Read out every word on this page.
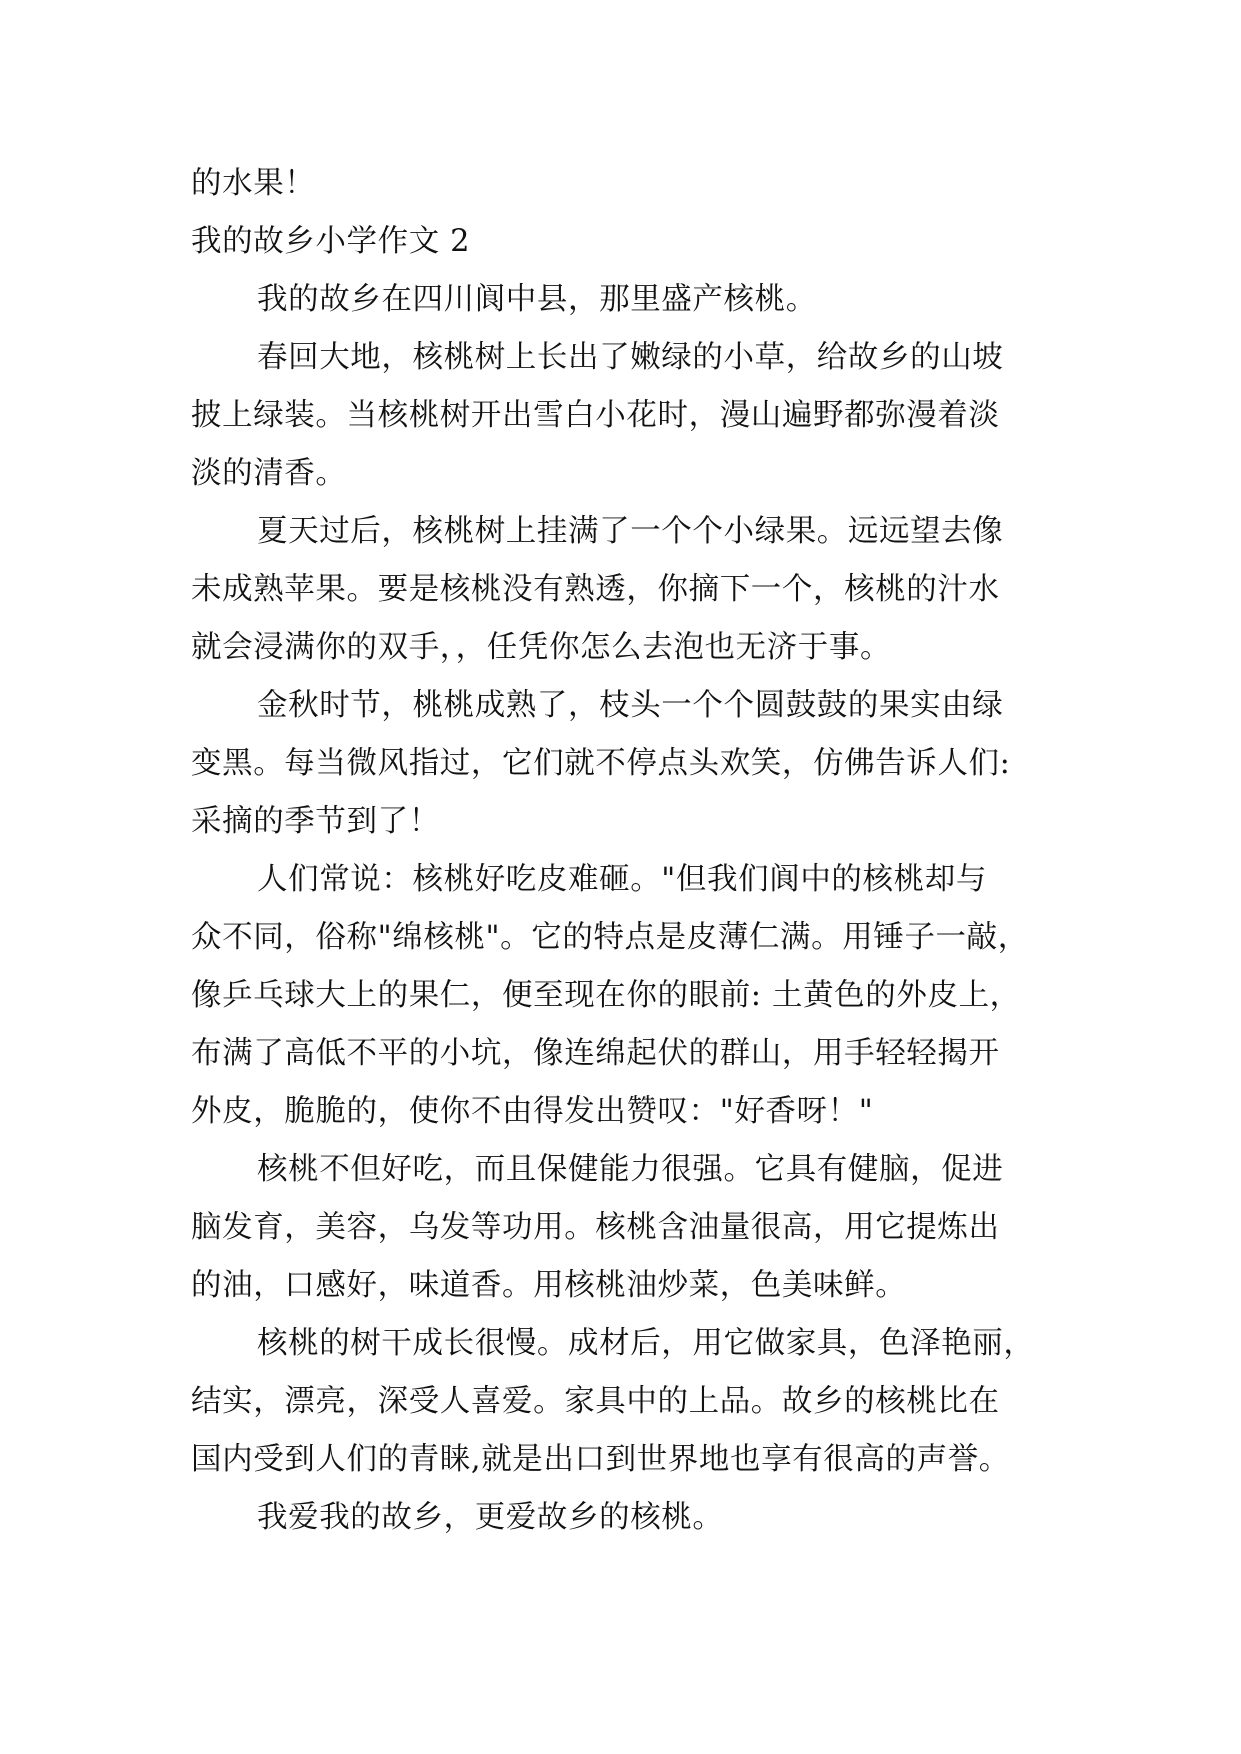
的水果！
我的故乡小学作文 2
我的故乡在四川阆中县，那里盛产核桃。
春回大地，核桃树上长出了嫩绿的小草，给故乡的山坡
披上绿装。当核桃树开出雪白小花时，漫山遍野都弥漫着淡
淡的清香。
夏天过后，核桃树上挂满了一个个小绿果。远远望去像
未成熟苹果。要是核桃没有熟透，你摘下一个，核桃的汁水
就会浸满你的双手，，任凭你怎么去泡也无济于事。
金秋时节，桃桃成熟了，枝头一个个圆鼓鼓的果实由绿
变黑。每当微风指过，它们就不停点头欢笑，仿佛告诉人们:
采摘的季节到了！
人们常说：核桃好吃皮难砸。"但我们阆中的核桃却与
众不同，俗称"绵核桃"。它的特点是皮薄仁满。用锤子一敲，
像乒乓球大上的果仁，便至现在你的眼前: 土黄色的外皮上，
布满了高低不平的小坑，像连绵起伏的群山，用手轻轻揭开
外皮，脆脆的，使你不由得发出赞叹："好香呀！"
核桃不但好吃，而且保健能力很强。它具有健脑，促进
脑发育，美容，乌发等功用。核桃含油量很高，用它提炼出
的油，口感好，味道香。用核桃油炒菜，色美味鲜。
核桃的树干成长很慢。成材后，用它做家具，色泽艳丽，
结实，漂亮，深受人喜爱。家具中的上品。故乡的核桃比在
国内受到人们的青睐,就是出口到世界地也享有很高的声誉。
我爱我的故乡，更爱故乡的核桃。
